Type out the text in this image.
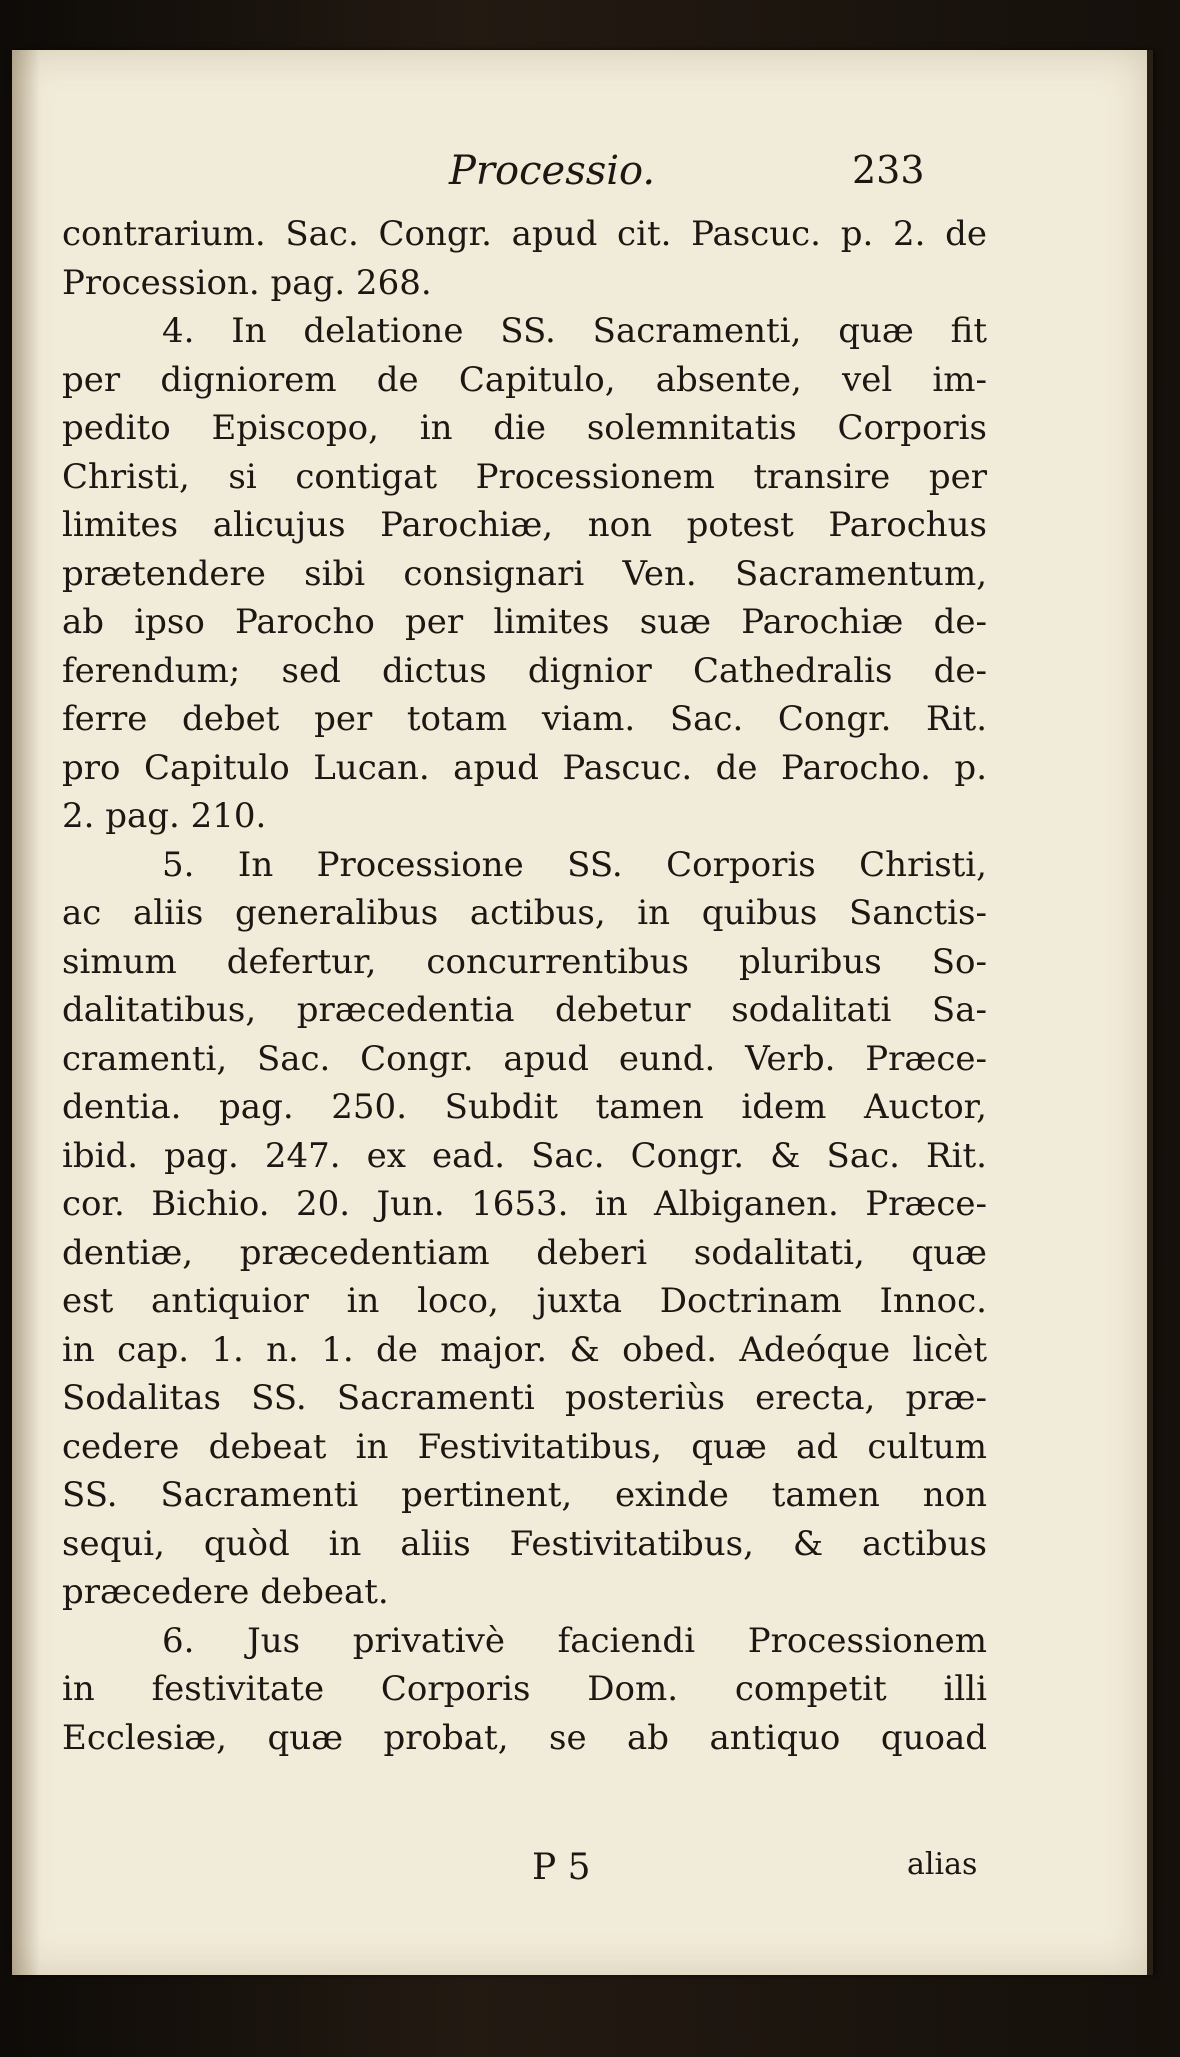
Processio.	233
contrarium. Sac. Congr. apud cit. Pascuc. p. 2. de
Procession. pag. 268.
4. In delatione SS. Sacramenti, quæ fit
per digniorem de Capitulo, absente, vel im-
pedito Episcopo, in die solemnitatis Corporis
Christi, si contigat Processionem transire per
limites alicujus Parochiæ, non potest Parochus
prætendere sibi consignari Ven. Sacramentum,
ab ipso Parocho per limites suæ Parochiæ de-
ferendum; sed dictus dignior Cathedralis de-
ferre debet per totam viam. Sac. Congr. Rit.
pro Capitulo Lucan. apud Pascuc. de Parocho. p.
2. pag. 210.
5. In Processione SS. Corporis Christi,
ac aliis generalibus actibus, in quibus Sanctis-
simum defertur, concurrentibus pluribus So-
dalitatibus, præcedentia debetur sodalitati Sa-
cramenti, Sac. Congr. apud eund. Verb. Præce-
dentia. pag. 250. Subdit tamen idem Auctor,
ibid. pag. 247. ex ead. Sac. Congr. & Sac. Rit.
cor. Bichio. 20. Jun. 1653. in Albiganen. Præce-
dentiæ, præcedentiam deberi sodalitati, quæ
est antiquior in loco, juxta Doctrinam Innoc.
in cap. 1. n. 1. de major. & obed. Adeóque licèt
Sodalitas SS. Sacramenti posteriùs erecta, præ-
cedere debeat in Festivitatibus, quæ ad cultum
SS. Sacramenti pertinent, exinde tamen non
sequi, quòd in aliis Festivitatibus, & actibus
præcedere debeat.
6. Jus privativè faciendi Processionem
in festivitate Corporis Dom. competit illi
Ecclesiæ, quæ probat, se ab antiquo quoad
P 5	alias
